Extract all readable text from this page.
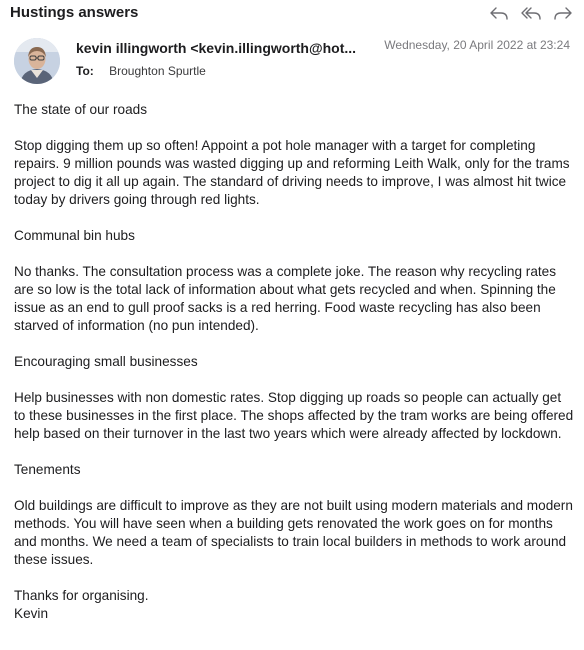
Hustings answers
kevin illingworth <kevin.illingworth@hot... Wednesday, 20 April 2022 at 23:24
To: Broughton Spurtle

The state of our roads

Stop digging them up so often! Appoint a pot hole manager with a target for completing repairs. 9 million pounds was wasted digging up and reforming Leith Walk, only for the trams project to dig it all up again. The standard of driving needs to improve, I was almost hit twice today by drivers going through red lights.

Communal bin hubs

No thanks. The consultation process was a complete joke. The reason why recycling rates are so low is the total lack of information about what gets recycled and when. Spinning the issue as an end to gull proof sacks is a red herring. Food waste recycling has also been starved of information (no pun intended).

Encouraging small businesses

Help businesses with non domestic rates. Stop digging up roads so people can actually get to these businesses in the first place. The shops affected by the tram works are being offered help based on their turnover in the last two years which were already affected by lockdown.

Tenements

Old buildings are difficult to improve as they are not built using modern materials and modern methods. You will have seen when a building gets renovated the work goes on for months and months. We need a team of specialists to train local builders in methods to work around these issues.

Thanks for organising.

Kevin
